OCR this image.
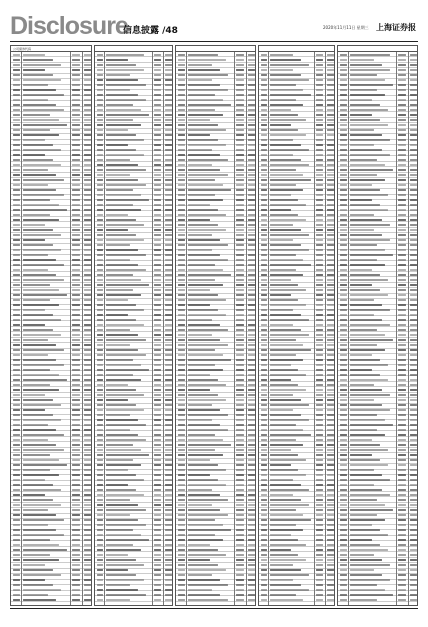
Disclosure
信息披露 /48	2020年11月11日 星期三 上海证券报
公司债券代码
